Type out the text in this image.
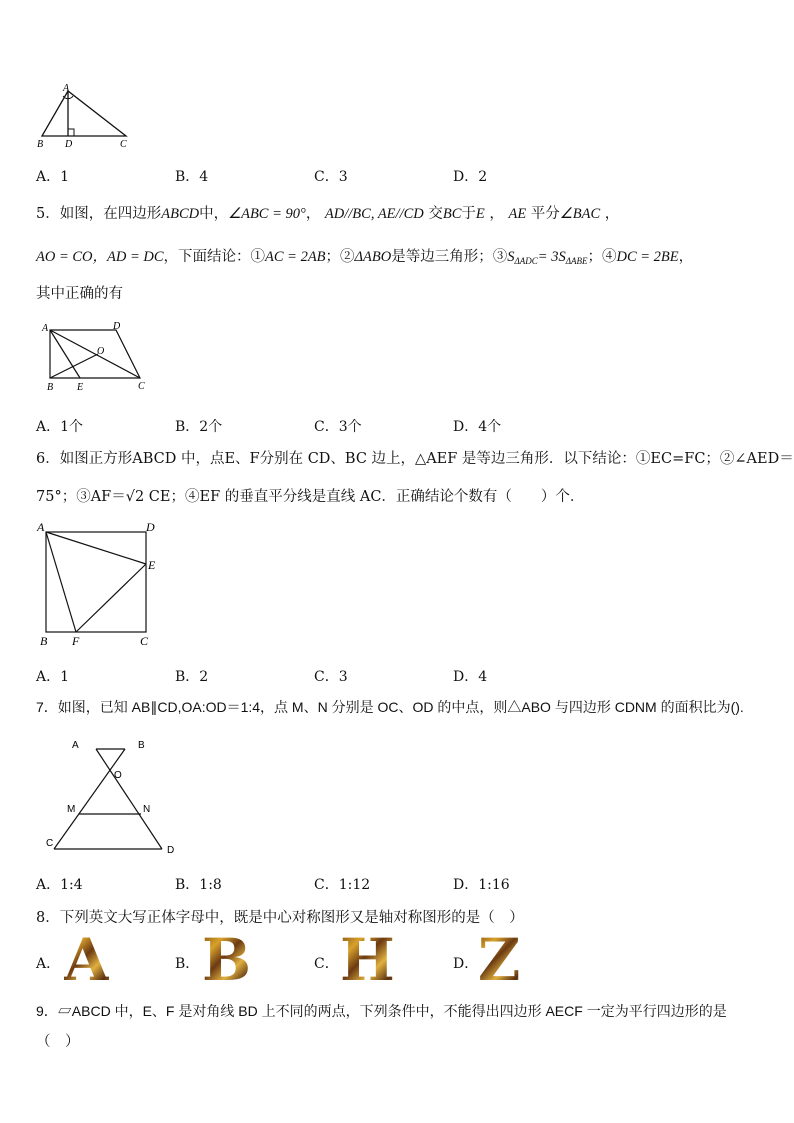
A
B D	C
A．1	B．4	C．3	D．2
5．如图，在四边形ABCD中，∠ABC = 90°， AD//BC, AE//CD 交BC于E ， AE 平分∠BAC ，
AO = CO，AD = DC，下面结论：①AC = 2AB；②ΔABO是等边三角形；$③S_{\Delta ADC}= 3S_{\Delta ABE}$；④DC = 2BE，
其中正确的有
A	D
O
B E	C
A．1个	B．2个	C．3个	D．4个
6．如图正方形ABCD 中，点E、F分别在 CD、BC 边上，△AEF 是等边三角形．以下结论：①EC=FC；②∠AED＝
75°；③AF＝√2 CE；④EF 的垂直平分线是直线 AC．正确结论个数有（　　）个．
A	D
E
B F	C
A．1	B．2	C．3	D．4
7．如图，已知 AB∥CD,OA:OD＝1:4，点 M、N 分别是 OC、OD 的中点，则△ABO 与四边形 CDNM 的面积比为().
A	B
O
M	N
C
D
A．1:4	B．1:8	C．1:12	D．1:16
8．下列英文大写正体字母中，既是中心对称图形又是轴对称图形的是（　）
A． A	B． B	C． H	D． Z
9．▱ABCD 中，E、F 是对角线 BD 上不同的两点，下列条件中，不能得出四边形 AECF 一定为平行四边形的是
（　）
